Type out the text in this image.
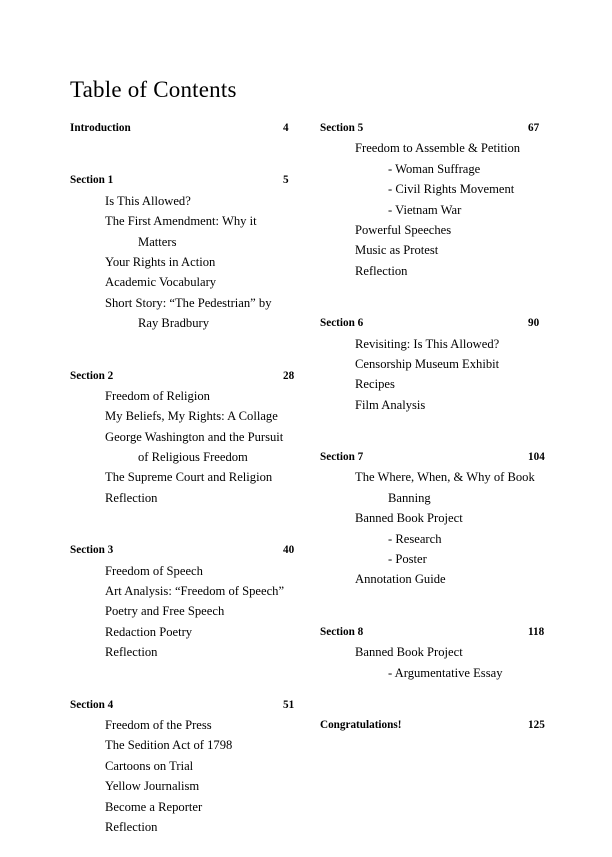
Table of Contents
Introduction	4
Section 1	5
Is This Allowed?
The First Amendment: Why it
Matters
Your Rights in Action
Academic Vocabulary
Short Story: “The Pedestrian” by
Ray Bradbury
Section 2	28
Freedom of Religion
My Beliefs, My Rights: A Collage
George Washington and the Pursuit
of Religious Freedom
The Supreme Court and Religion
Reflection
Section 3	40
Freedom of Speech
Art Analysis: “Freedom of Speech”
Poetry and Free Speech
Redaction Poetry
Reflection
Section 4	51
Freedom of the Press
The Sedition Act of 1798
Cartoons on Trial
Yellow Journalism
Become a Reporter
Reflection
Section 5	67
Freedom to Assemble & Petition
- Woman Suffrage
- Civil Rights Movement
- Vietnam War
Powerful Speeches
Music as Protest
Reflection
Section 6	90
Revisiting: Is This Allowed?
Censorship Museum Exhibit
Recipes
Film Analysis
Section 7	104
The Where, When, & Why of Book
Banning
Banned Book Project
- Research
- Poster
Annotation Guide
Section 8	118
Banned Book Project
- Argumentative Essay
Congratulations!	125
